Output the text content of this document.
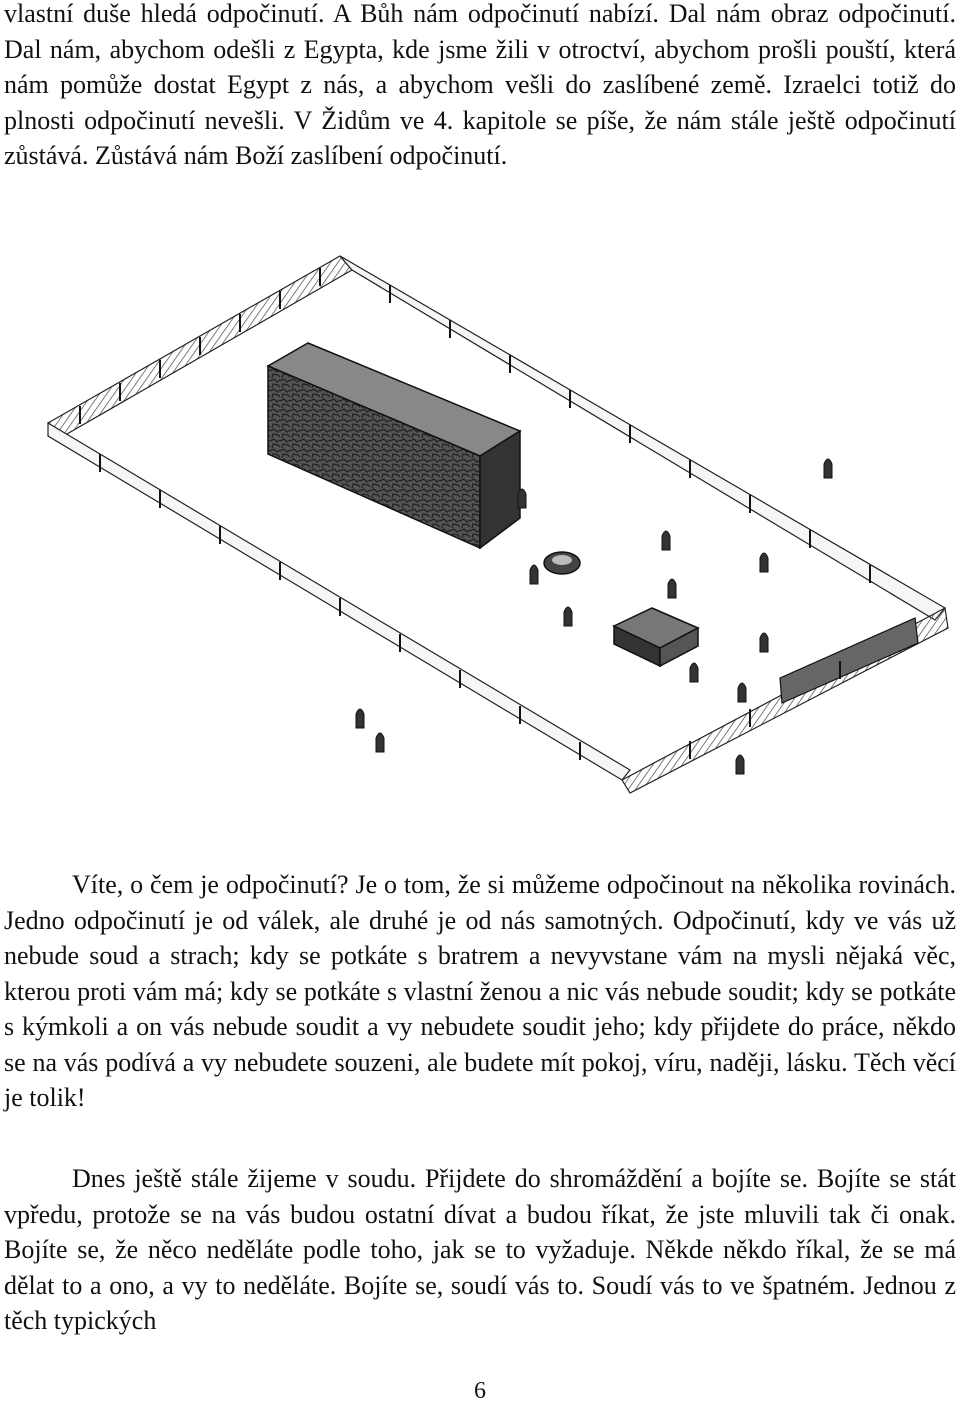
vlastní duše hledá odpočinutí. A Bůh nám odpočinutí nabízí. Dal nám obraz odpočinutí. Dal nám, abychom odešli z Egypta, kde jsme žili v otroctví, abychom prošli pouští, která nám pomůže dostat Egypt z nás, a abychom vešli do zaslíbené země. Izraelci totiž do plnosti odpočinutí nevešli. V Židům ve 4. kapitole se píše, že nám stále ještě odpočinutí zůstává. Zůstává nám Boží zaslíbení odpočinutí.

Víte, o čem je odpočinutí? Je o tom, že si můžeme odpočinout na několika rovinách. Jedno odpočinutí je od válek, ale druhé je od nás samotných. Odpočinutí, kdy ve vás už nebude soud a strach; kdy se potkáte s bratrem a nevyvstane vám na mysli nějaká věc, kterou proti vám má; kdy se potkáte s vlastní ženou a nic vás nebude soudit; kdy se potkáte s kýmkoli a on vás nebude soudit a vy nebudete soudit jeho; kdy přijdete do práce, někdo se na vás podívá a vy nebudete souzeni, ale budete mít pokoj, víru, naději, lásku. Těch věcí je tolik!

Dnes ještě stále žijeme v soudu. Přijdete do shromáždění a bojíte se. Bojíte se stát vpředu, protože se na vás budou ostatní dívat a budou říkat, že jste mluvili tak či onak. Bojíte se, že něco neděláte podle toho, jak se to vyžaduje. Někde někdo říkal, že se má dělat to a ono, a vy to neděláte. Bojíte se, soudí vás to. Soudí vás to ve špatném. Jednou z těch typických

6
